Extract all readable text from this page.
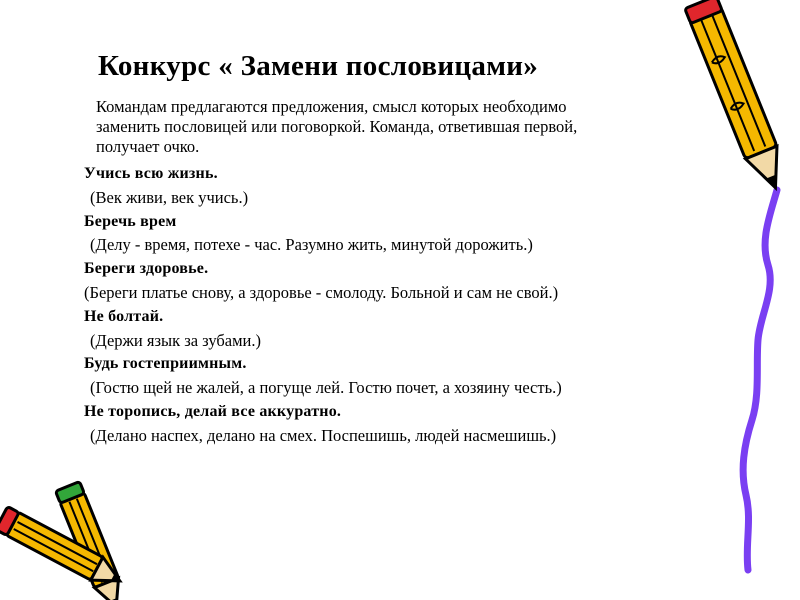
Конкурс « Замени пословицами»
Командам предлагаются предложения, смысл которых необходимо
заменить пословицей или поговоркой. Команда, ответившая первой,
получает очко.
Учись всю жизнь.
(Век живи, век учись.)
Беречь врем
(Делу - время, потехе - час. Разумно жить, минутой дорожить.)
Береги здоровье.
(Береги платье снову, а здоровье - смолоду. Больной и сам не свой.)
Не болтай.
(Держи язык за зубами.)
Будь гостеприимным.
(Гостю щей не жалей, а погуще лей. Гостю почет, а хозяину честь.)
Не торопись, делай все аккуратно.
(Делано наспех, делано на смех. Поспешишь, людей насмешишь.)
